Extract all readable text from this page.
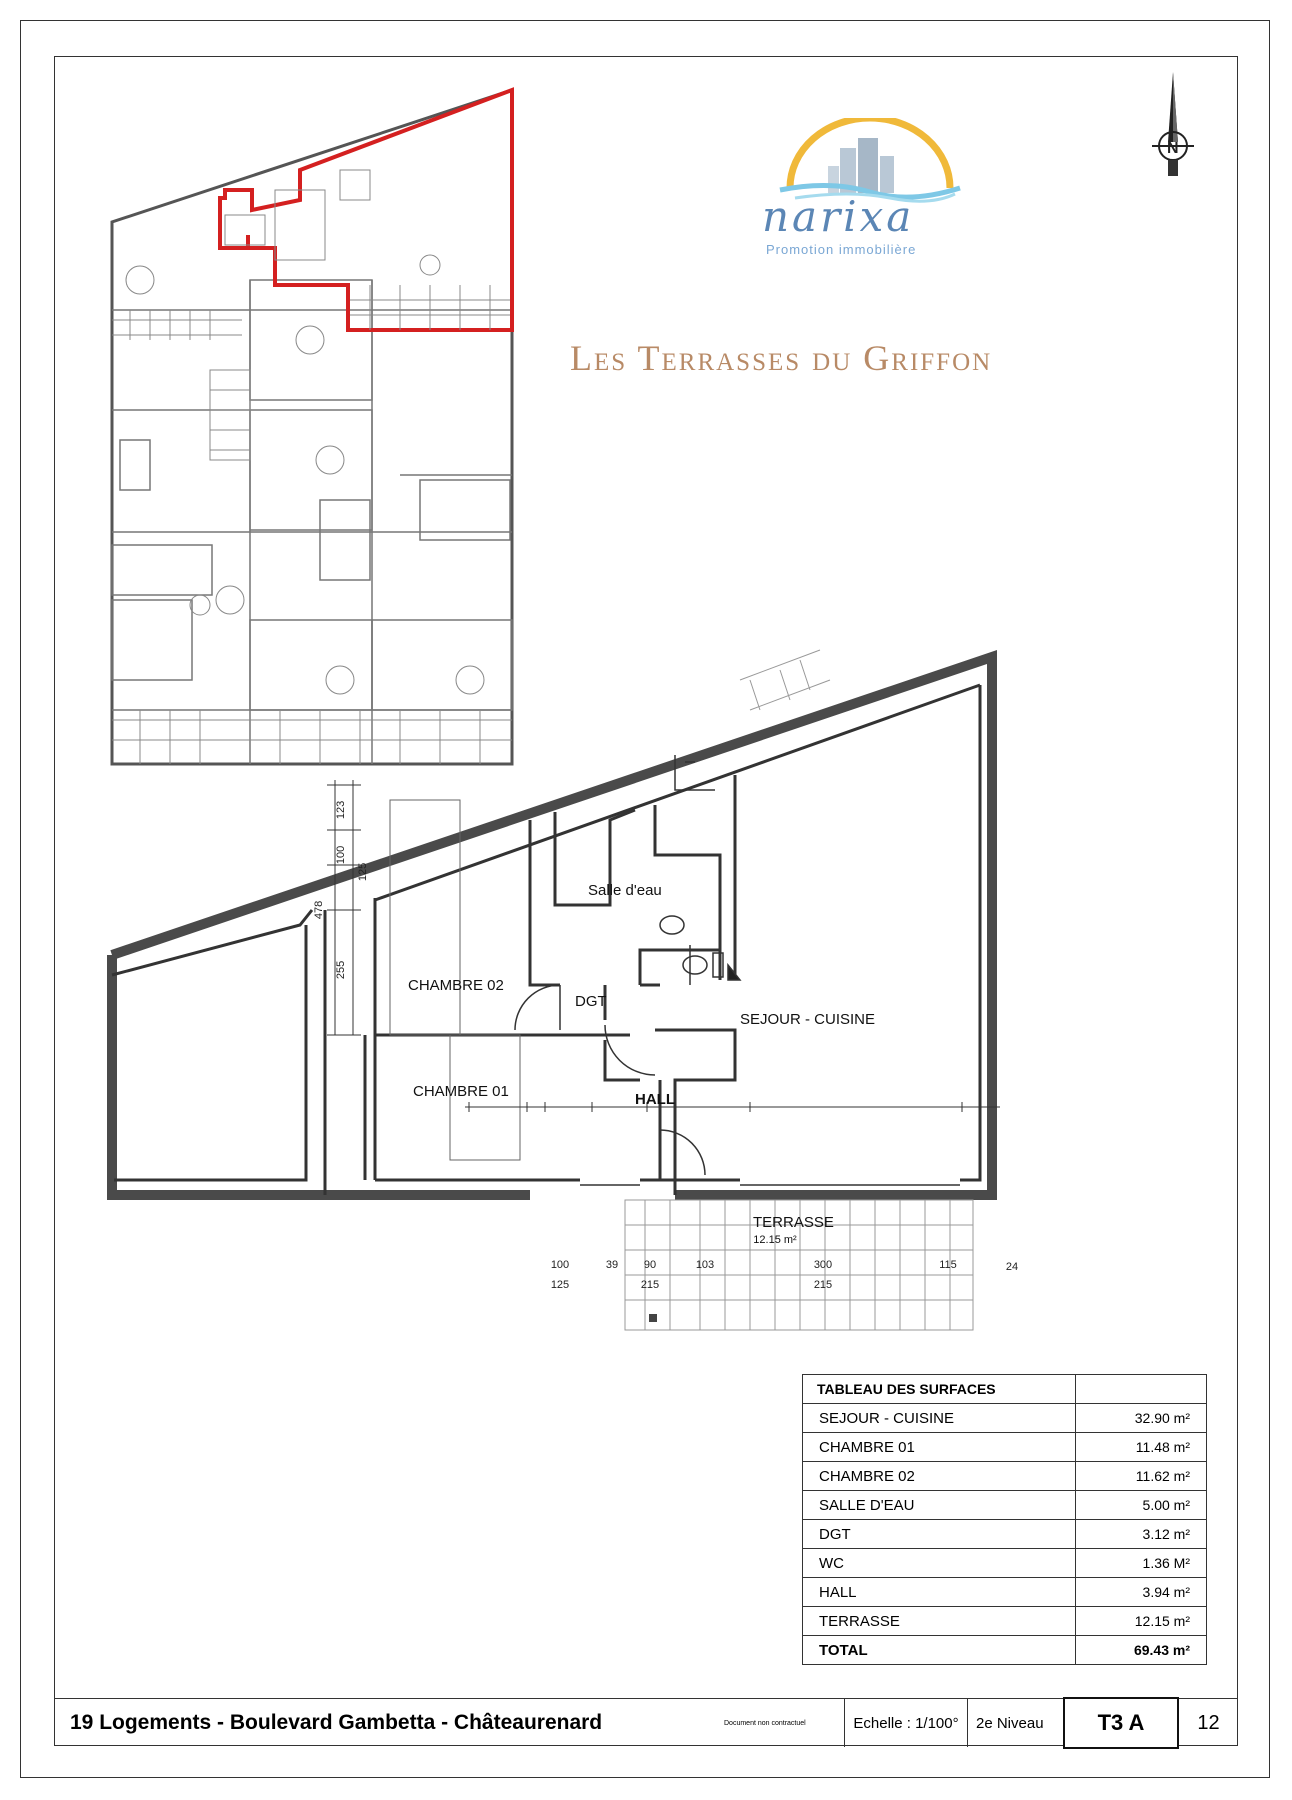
N
narixa
Promotion immobilière
Les Terrasses du Griffon
123
100
125
478
255
100	39 90	103	300	115	24
125	215	215
Salle d'eau
CHAMBRE 02
DGT
SEJOUR - CUISINE
CHAMBRE 01	HALL
TERRASSE
12.15 m²
TABLEAU DES SURFACES	
SEJOUR - CUISINE	32.90 m²
CHAMBRE 01	11.48 m²
CHAMBRE 02	11.62 m²
SALLE D'EAU	5.00 m²
DGT	3.12 m²
WC	1.36 M²
HALL	3.94 m²
TERRASSE	12.15 m²
TOTAL	69.43 m²
19 Logements - Boulevard Gambetta - Châteaurenard	Document non contractuel	Echelle : 1/100°	2e Niveau	T3 A	12
